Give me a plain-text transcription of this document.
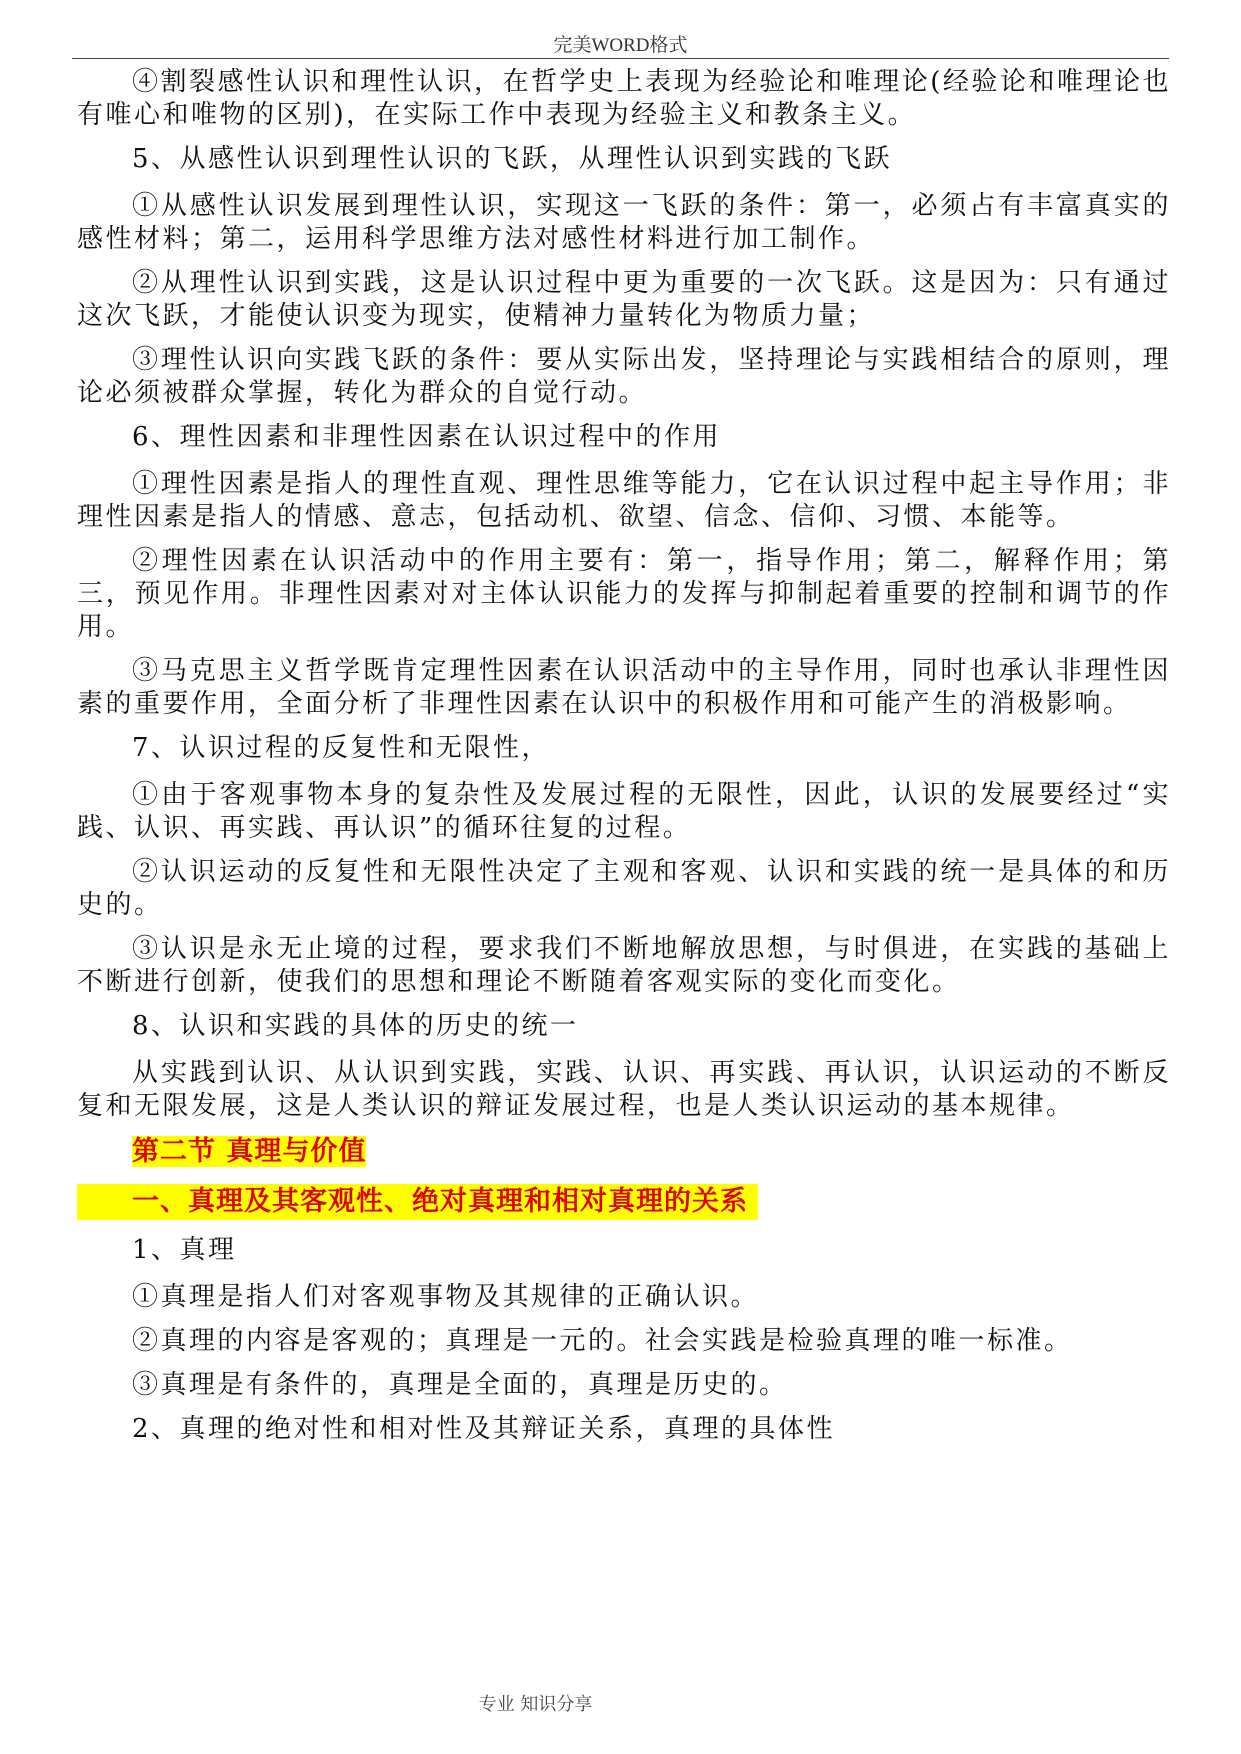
完美WORD格式

④割裂感性认识和理性认识，在哲学史上表现为经验论和唯理论(经验论和唯理论也有唯心和唯物的区别)，在实际工作中表现为经验主义和教条主义。

5、从感性认识到理性认识的飞跃，从理性认识到实践的飞跃

①从感性认识发展到理性认识，实现这一飞跃的条件：第一，必须占有丰富真实的感性材料；第二，运用科学思维方法对感性材料进行加工制作。

②从理性认识到实践，这是认识过程中更为重要的一次飞跃。这是因为：只有通过这次飞跃，才能使认识变为现实，使精神力量转化为物质力量；

③理性认识向实践飞跃的条件：要从实际出发，坚持理论与实践相结合的原则，理论必须被群众掌握，转化为群众的自觉行动。

6、理性因素和非理性因素在认识过程中的作用

①理性因素是指人的理性直观、理性思维等能力，它在认识过程中起主导作用；非理性因素是指人的情感、意志，包括动机、欲望、信念、信仰、习惯、本能等。

②理性因素在认识活动中的作用主要有：第一，指导作用；第二，解释作用；第三，预见作用。非理性因素对对主体认识能力的发挥与抑制起着重要的控制和调节的作用。

③马克思主义哲学既肯定理性因素在认识活动中的主导作用，同时也承认非理性因素的重要作用，全面分析了非理性因素在认识中的积极作用和可能产生的消极影响。

7、认识过程的反复性和无限性，

①由于客观事物本身的复杂性及发展过程的无限性，因此，认识的发展要经过“实践、认识、再实践、再认识”的循环往复的过程。

②认识运动的反复性和无限性决定了主观和客观、认识和实践的统一是具体的和历史的。

③认识是永无止境的过程，要求我们不断地解放思想，与时俱进，在实践的基础上不断进行创新，使我们的思想和理论不断随着客观实际的变化而变化。

8、认识和实践的具体的历史的统一

从实践到认识、从认识到实践，实践、认识、再实践、再认识，认识运动的不断反复和无限发展，这是人类认识的辩证发展过程，也是人类认识运动的基本规律。

第二节 真理与价值
一、真理及其客观性、绝对真理和相对真理的关系

1、真理

①真理是指人们对客观事物及其规律的正确认识。

②真理的内容是客观的；真理是一元的。社会实践是检验真理的唯一标准。

③真理是有条件的，真理是全面的，真理是历史的。

2、真理的绝对性和相对性及其辩证关系，真理的具体性

专业 知识分享
